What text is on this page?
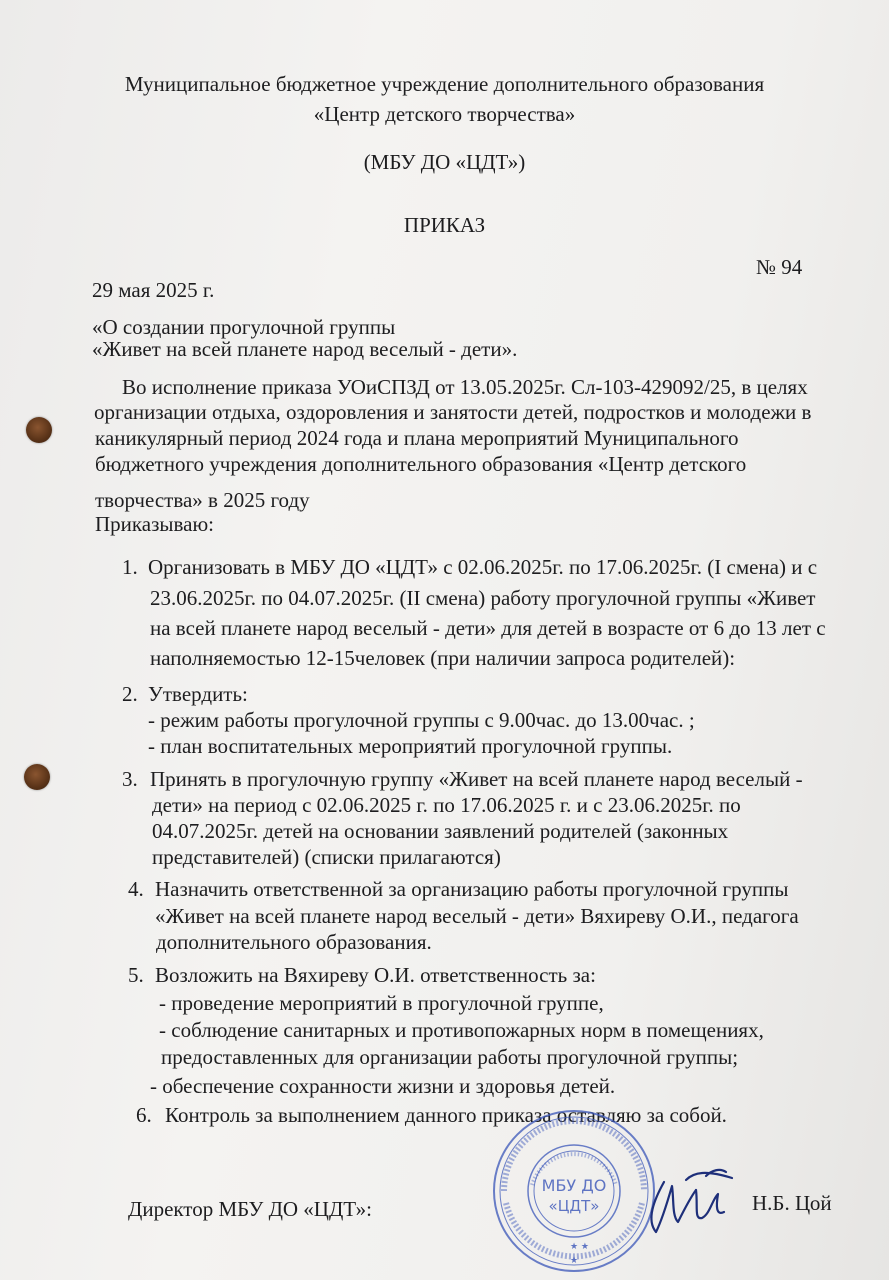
Муниципальное бюджетное учреждение дополнительного образования
«Центр детского творчества»
(МБУ ДО «ЦДТ»)
ПРИКАЗ
29 мая 2025 г.
№ 94
«О создании прогулочной группы
«Живет на всей планете народ веселый - дети».
Во исполнение приказа УОиСПЗД от 13.05.2025г. Сл-103-429092/25, в целях
организации отдыха, оздоровления и занятости детей, подростков и молодежи в
каникулярный период 2024 года и плана мероприятий Муниципального
бюджетного учреждения дополнительного образования «Центр детского
творчества» в 2025 году
Приказываю:
1. Организовать в МБУ ДО «ЦДТ» с 02.06.2025г. по 17.06.2025г. (I смена) и с
23.06.2025г. по 04.07.2025г. (II смена) работу прогулочной группы «Живет
на всей планете народ веселый - дети» для детей в возрасте от 6 до 13 лет с
наполняемостью 12-15человек (при наличии запроса родителей):
2. Утвердить:
- режим работы прогулочной группы с 9.00час. до 13.00час. ;
- план воспитательных мероприятий прогулочной группы.
3. Принять в прогулочную группу «Живет на всей планете народ веселый -
дети» на период с 02.06.2025 г. по 17.06.2025 г. и с 23.06.2025г. по
04.07.2025г. детей на основании заявлений родителей (законных
представителей) (списки прилагаются)
4. Назначить ответственной за организацию работы прогулочной группы
«Живет на всей планете народ веселый - дети» Вяхиреву О.И., педагога
дополнительного образования.
5. Возложить на Вяхиреву О.И. ответственность за:
- проведение мероприятий в прогулочной группе,
- соблюдение санитарных и противопожарных норм в помещениях,
предоставленных для организации работы прогулочной группы;
- обеспечение сохранности жизни и здоровья детей.
6. Контроль за выполнением данного приказа оставляю за собой.
МБУ ДО
«ЦДТ»
★ ★
★
Директор МБУ ДО «ЦДТ»:	Н.Б. Цой
